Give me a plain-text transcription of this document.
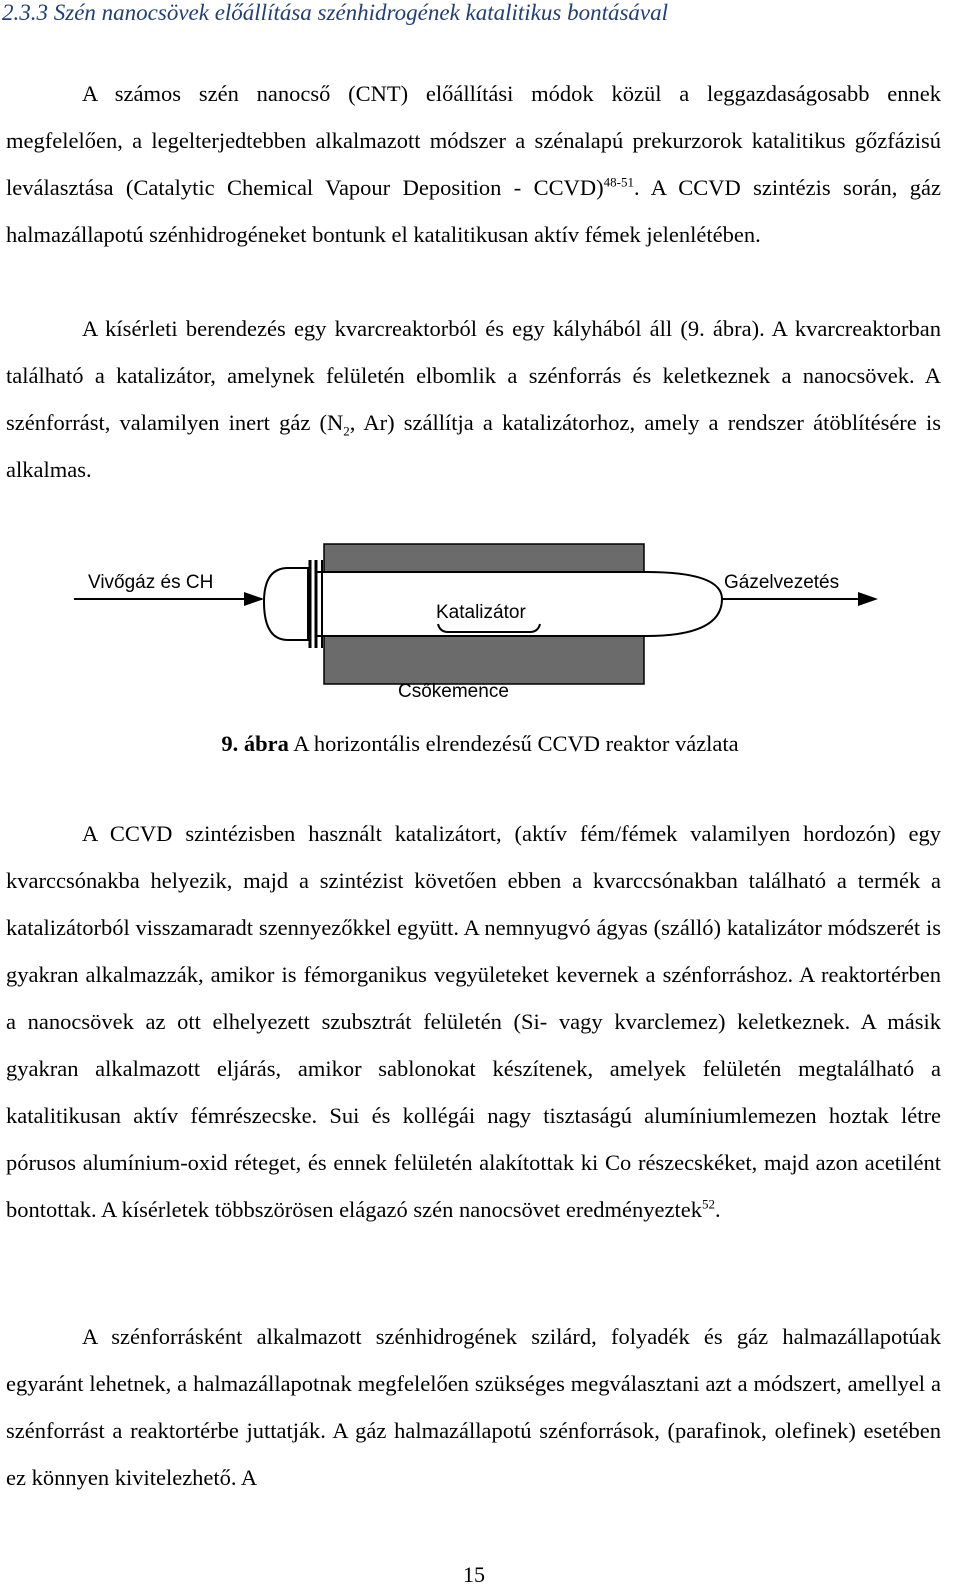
2.3.3 Szén nanocsövek előállítása szénhidrogének katalitikus bontásával
A számos szén nanocső (CNT) előállítási módok közül a leggazdaságosabb ennek megfelelően, a legelterjedtebben alkalmazott módszer a szénalapú prekurzorok katalitikus gőzfázisú leválasztása (Catalytic Chemical Vapour Deposition - CCVD)$^{48-51}$. A CCVD szintézis során, gáz halmazállapotú szénhidrogéneket bontunk el katalitikusan aktív fémek jelenlétében.
A kísérleti berendezés egy kvarcreaktorból és egy kályhából áll (9. ábra). A kvarcreaktorban található a katalizátor, amelynek felületén elbomlik a szénforrás és keletkeznek a nanocsövek. A szénforrást, valamilyen inert gáz ($N_2$, Ar) szállítja a katalizátorhoz, amely a rendszer átöblítésére is alkalmas.
Vivőgáz és CH	Gázelvezetés
Katalizátor
Csőkemence
9. ábra A horizontális elrendezésű CCVD reaktor vázlata
A CCVD szintézisben használt katalizátort, (aktív fém/fémek valamilyen hordozón) egy kvarccsónakba helyezik, majd a szintézist követően ebben a kvarccsónakban található a termék a katalizátorból visszamaradt szennyezőkkel együtt. A nemnyugvó ágyas (szálló) katalizátor módszerét is gyakran alkalmazzák, amikor is fémorganikus vegyületeket kevernek a szénforráshoz. A reaktortérben a nanocsövek az ott elhelyezett szubsztrát felületén (Si- vagy kvarclemez) keletkeznek. A másik gyakran alkalmazott eljárás, amikor sablonokat készítenek, amelyek felületén megtalálható a katalitikusan aktív fémrészecske. Sui és kollégái nagy tisztaságú alumíniumlemezen hoztak létre pórusos alumínium-oxid réteget, és ennek felületén alakítottak ki Co részecskéket, majd azon acetilént bontottak. A kísérletek többszörösen elágazó szén nanocsövet eredményeztek$^{52}$.
A szénforrásként alkalmazott szénhidrogének szilárd, folyadék és gáz halmazállapotúak egyaránt lehetnek, a halmazállapotnak megfelelően szükséges megválasztani azt a módszert, amellyel a szénforrást a reaktortérbe juttatják. A gáz halmazállapotú szénforrások, (parafinok, olefinek) esetében ez könnyen kivitelezhető. A
15
